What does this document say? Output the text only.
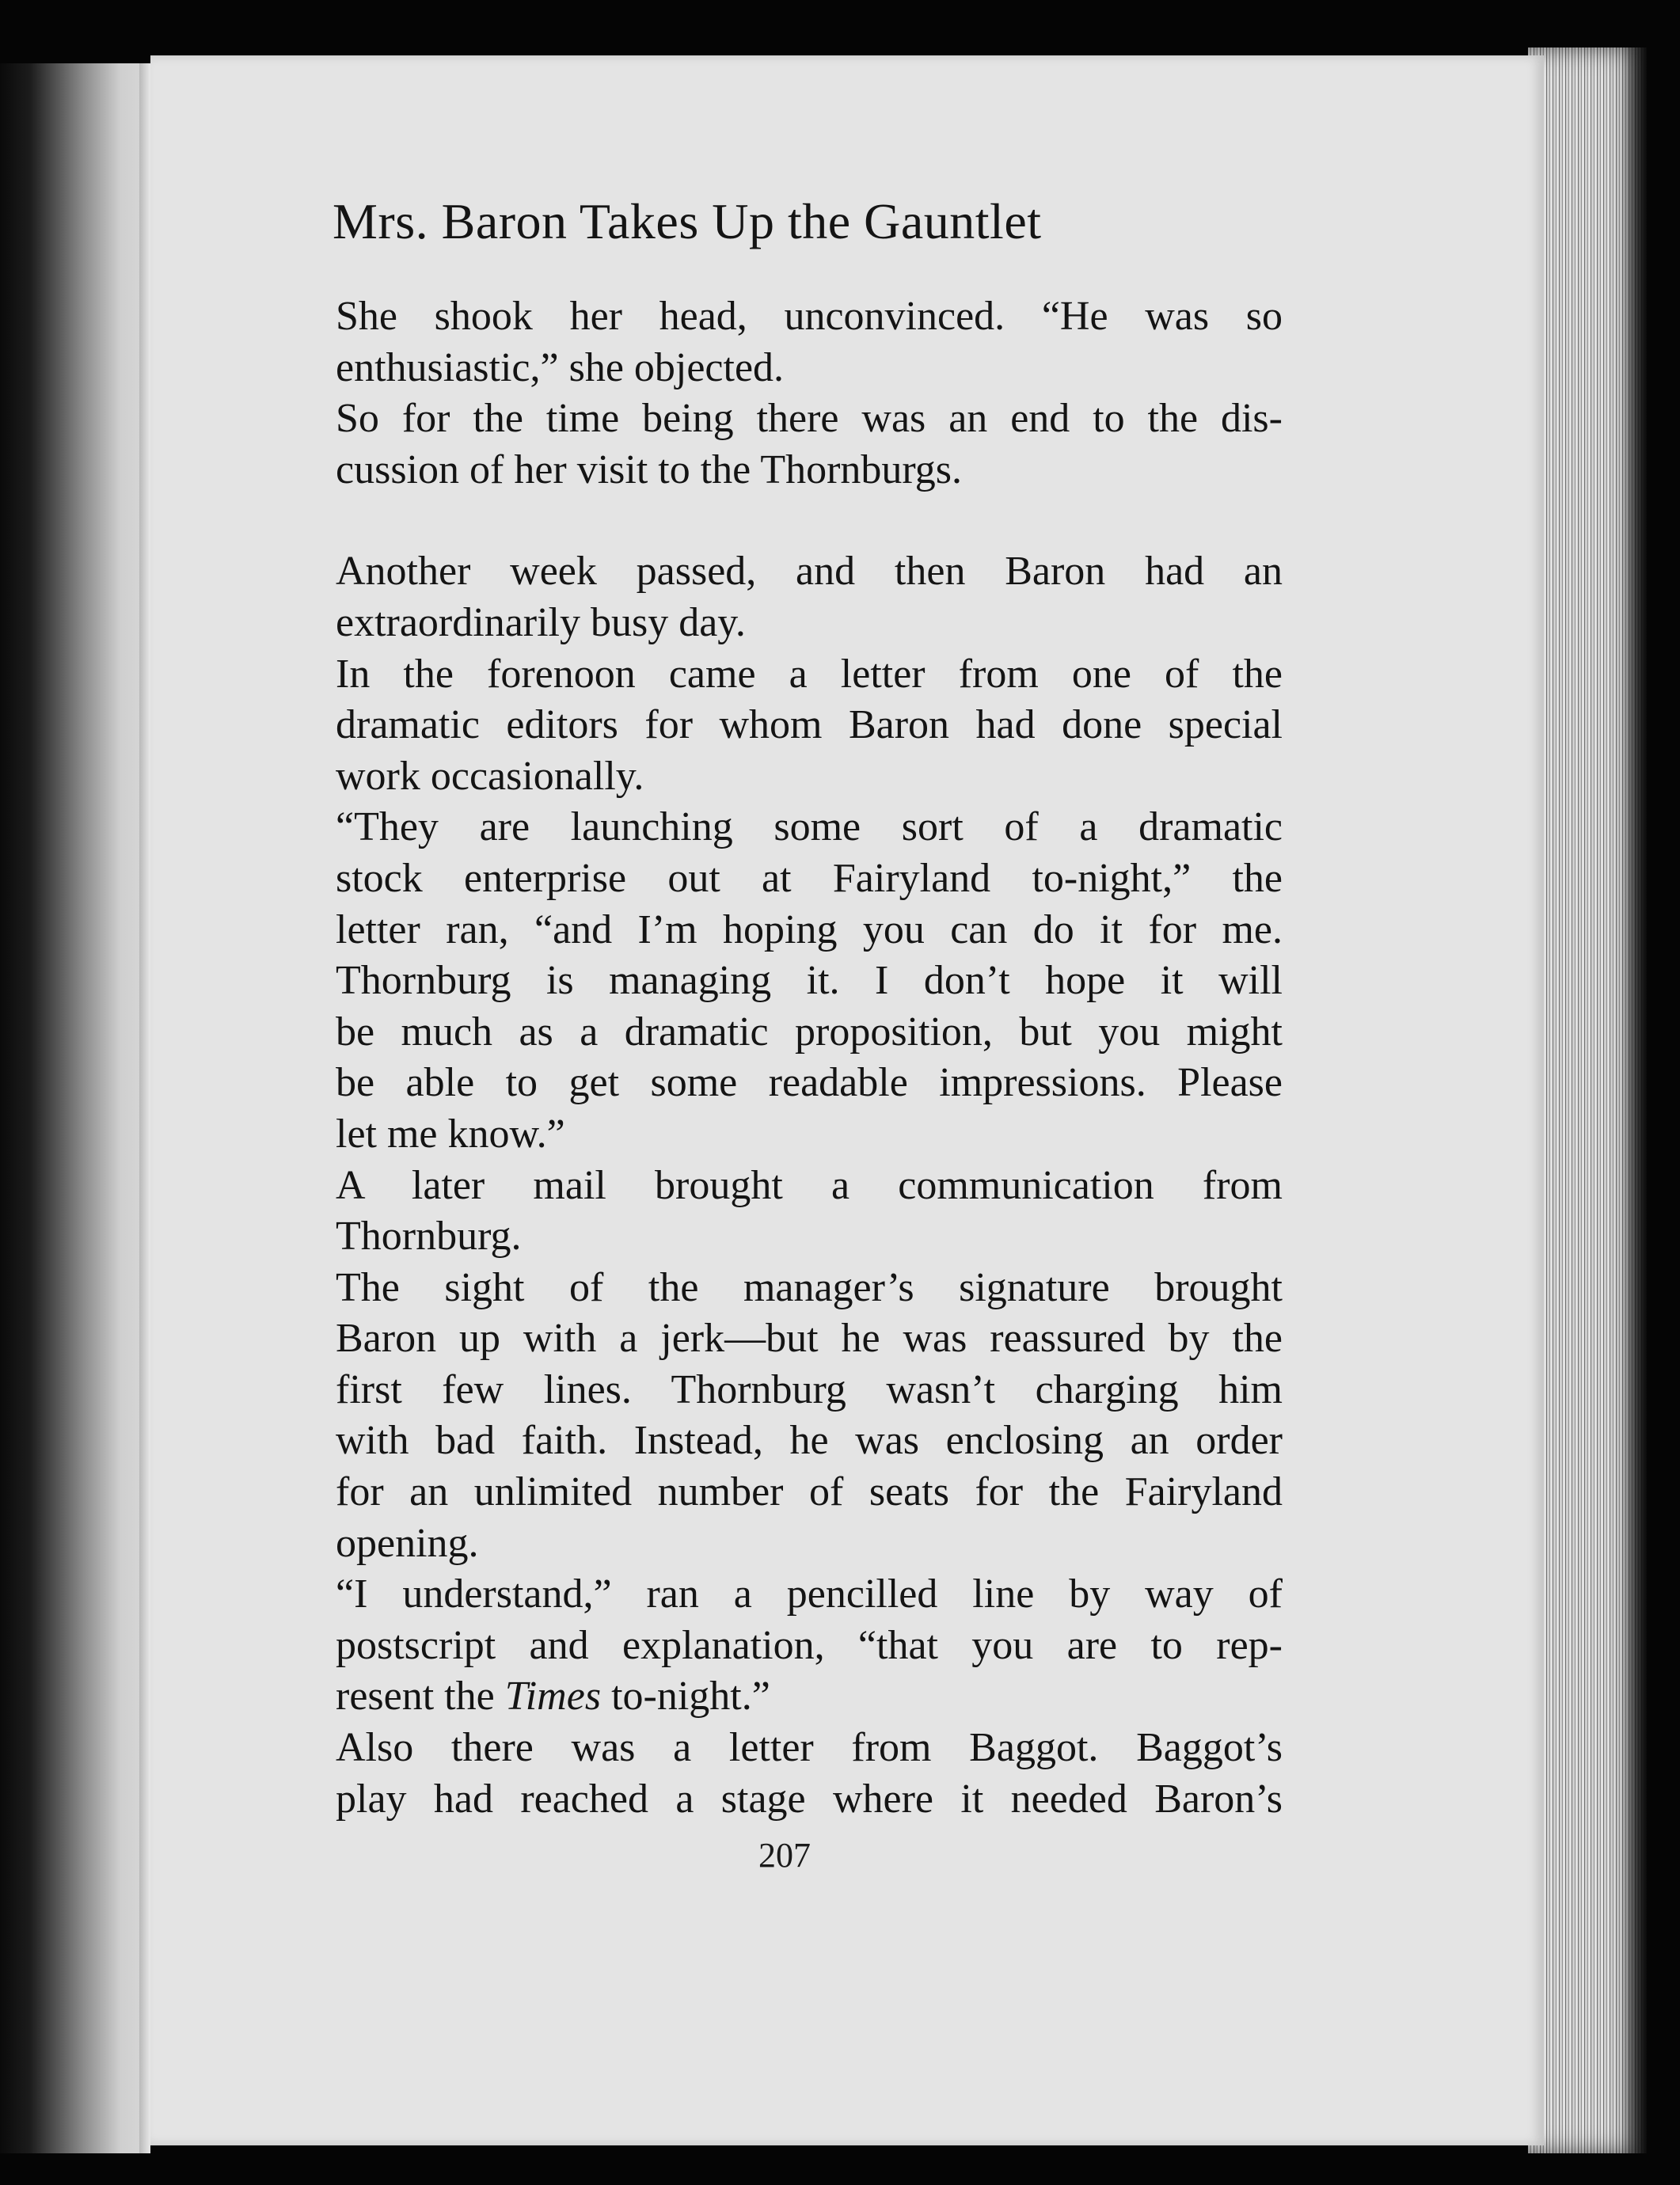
Mrs. Baron Takes Up the Gauntlet

She shook her head, unconvinced. “He was so
enthusiastic,” she objected.

So for the time being there was an end to the dis-
cussion of her visit to the Thornburgs.

Another week passed, and then Baron had an
extraordinarily busy day.

In the forenoon came a letter from one of the
dramatic editors for whom Baron had done special
work occasionally.

“They are launching some sort of a dramatic
stock enterprise out at Fairyland to-night,” the
letter ran, “and I’m hoping you can do it for me.
Thornburg is managing it. I don’t hope it will
be much as a dramatic proposition, but you might
be able to get some readable impressions. Please
let me know.”

A later mail brought a communication from
Thornburg.

The sight of the manager’s signature brought
Baron up with a jerk—but he was reassured by the
first few lines. Thornburg wasn’t charging him
with bad faith. Instead, he was enclosing an order
for an unlimited number of seats for the Fairyland
opening.

“I understand,” ran a pencilled line by way of
postscript and explanation, “that you are to rep-
resent the Times to-night.”

Also there was a letter from Baggot. Baggot’s
play had reached a stage where it needed Baron’s

207
